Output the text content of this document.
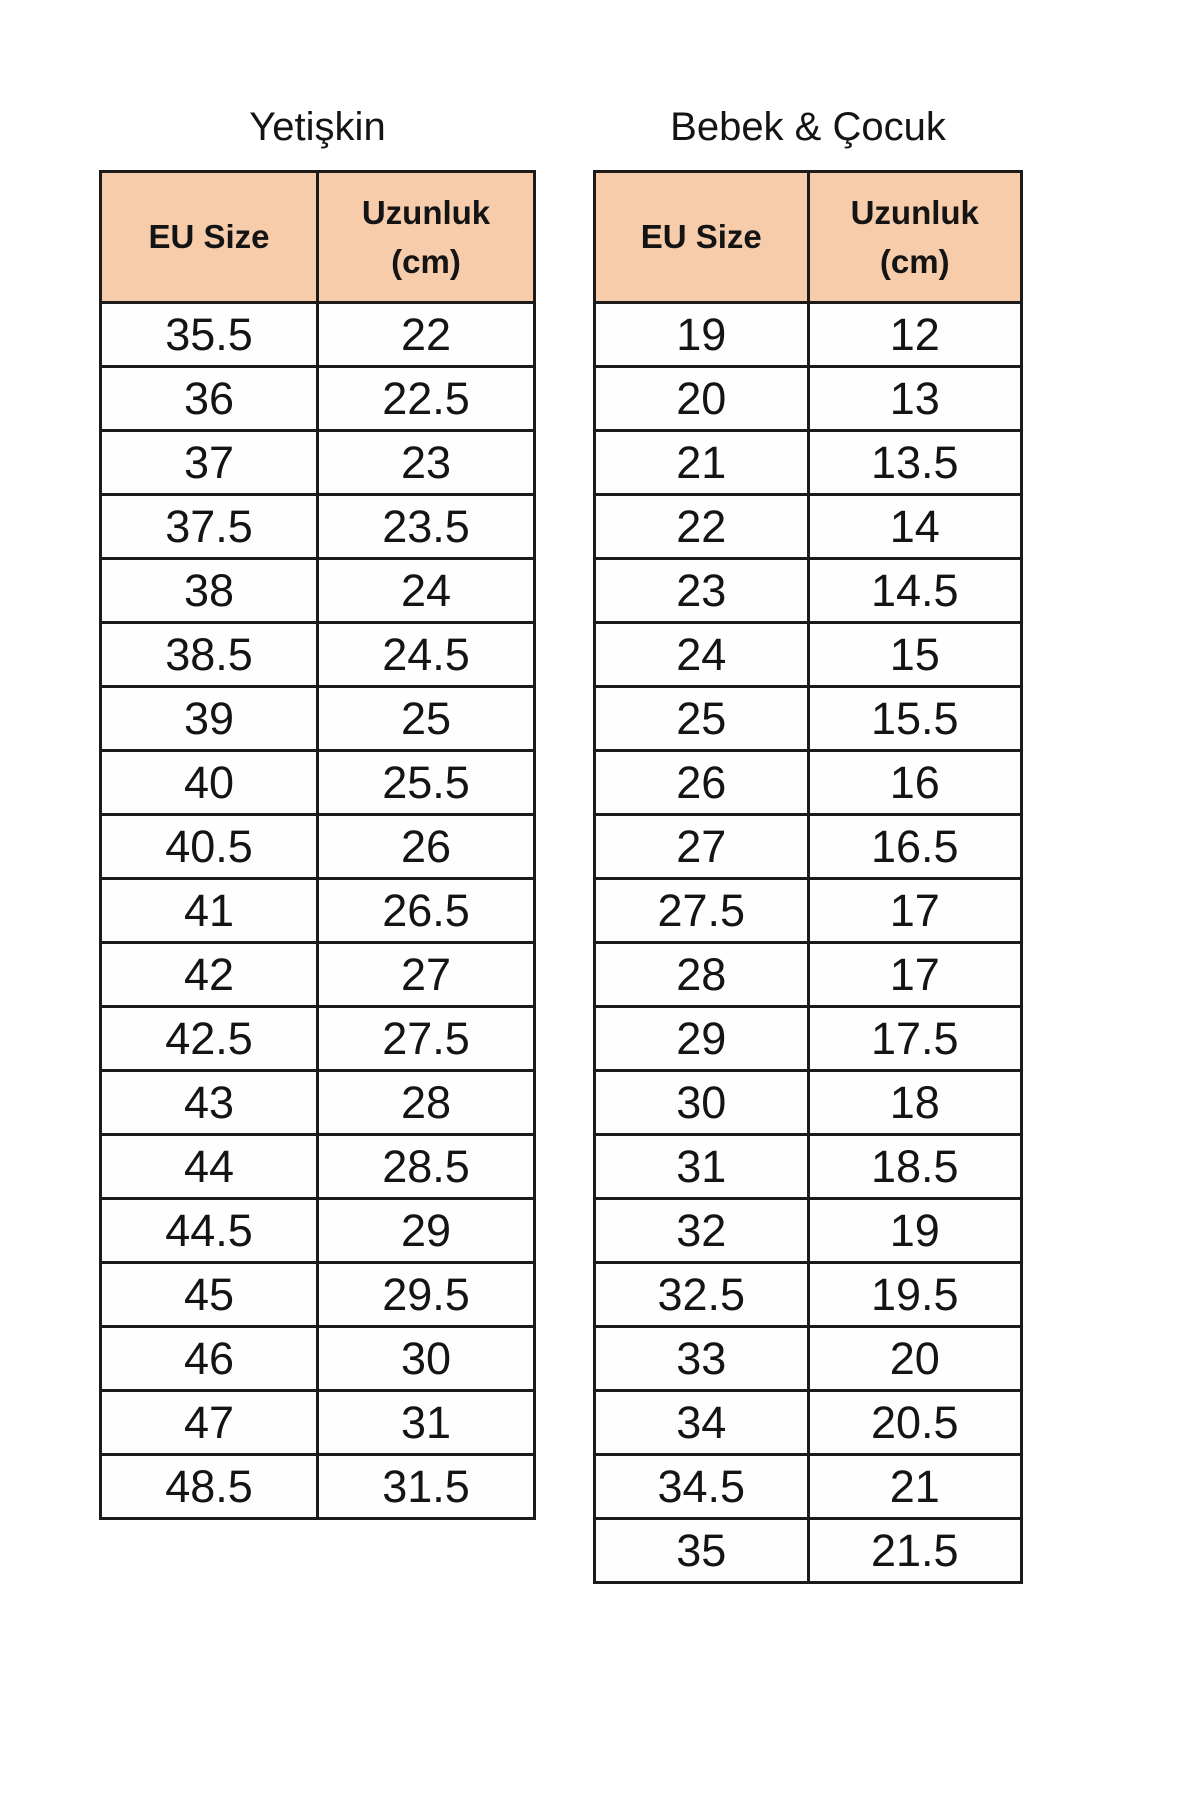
Yetişkin
EU Size	Uzunluk
(cm)
35.5	22
36	22.5
37	23
37.5	23.5
38	24
38.5	24.5
39	25
40	25.5
40.5	26
41	26.5
42	27
42.5	27.5
43	28
44	28.5
44.5	29
45	29.5
46	30
47	31
48.5	31.5
Bebek & Çocuk
EU Size	Uzunluk
(cm)
19	12
20	13
21	13.5
22	14
23	14.5
24	15
25	15.5
26	16
27	16.5
27.5	17
28	17
29	17.5
30	18
31	18.5
32	19
32.5	19.5
33	20
34	20.5
34.5	21
35	21.5
